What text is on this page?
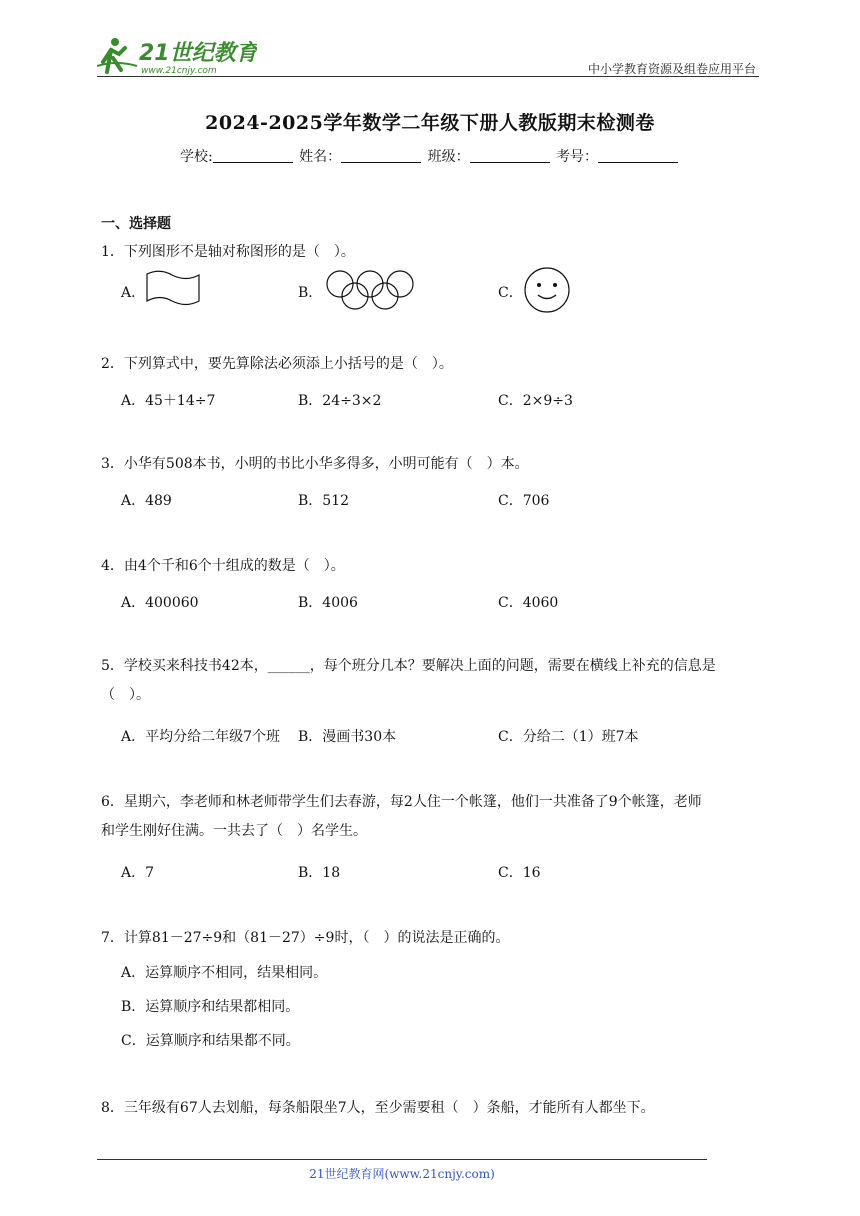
21世纪教育
www.21cnjy.com	中小学教育资源及组卷应用平台
2024-2025学年数学二年级下册人教版期末检测卷
学校:	姓名：	班级：	考号：
一、选择题
1．下列图形不是轴对称图形的是（　）。
A．	B．	C．
2．下列算式中，要先算除法必须添上小括号的是（　）。
A．45＋14÷7	B．24÷3×2	C．2×9÷3
3．小华有508本书，小明的书比小华多得多，小明可能有（　）本。
A．489	B．512	C．706
4．由4个千和6个十组成的数是（　）。
A．400060	B．4006	C．4060
5．学校买来科技书42本，______，每个班分几本？要解决上面的问题，需要在横线上补充的信息是
（　）。
A．平均分给二年级7个班 B．漫画书30本	C．分给二（1）班7本
6．星期六，李老师和林老师带学生们去春游，每2人住一个帐篷，他们一共准备了9个帐篷，老师
和学生刚好住满。一共去了（　）名学生。
A．7	B．18	C．16
7．计算81－27÷9和（81－27）÷9时，（　）的说法是正确的。
A．运算顺序不相同，结果相同。
B．运算顺序和结果都相同。
C．运算顺序和结果都不同。
8．三年级有67人去划船，每条船限坐7人，至少需要租（　）条船，才能所有人都坐下。
21世纪教育网(www.21cnjy.com)
